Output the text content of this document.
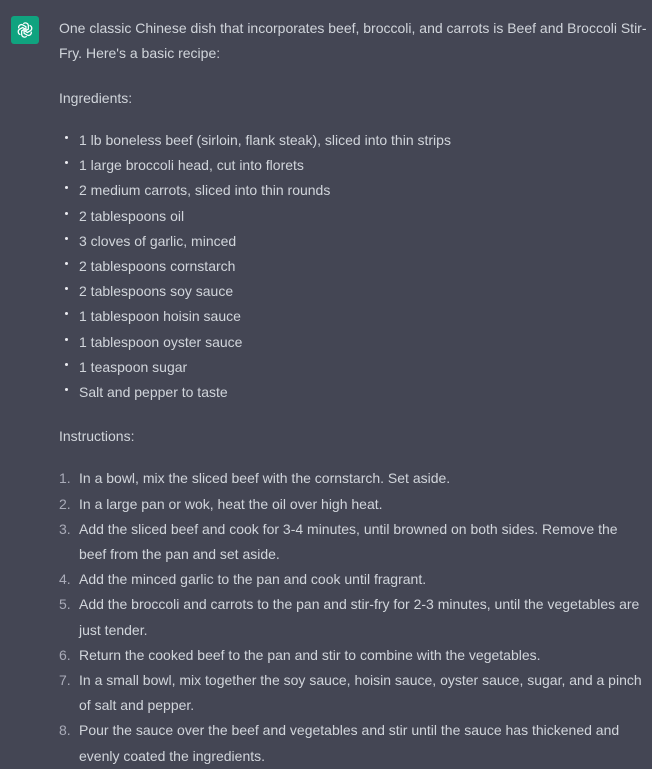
One classic Chinese dish that incorporates beef, broccoli, and carrots is Beef and Broccoli Stir-Fry. Here's a basic recipe:

Ingredients:

1 lb boneless beef (sirloin, flank steak), sliced into thin strips
1 large broccoli head, cut into florets
2 medium carrots, sliced into thin rounds
2 tablespoons oil
3 cloves of garlic, minced
2 tablespoons cornstarch
2 tablespoons soy sauce
1 tablespoon hoisin sauce
1 tablespoon oyster sauce
1 teaspoon sugar
Salt and pepper to taste

Instructions:

1. In a bowl, mix the sliced beef with the cornstarch. Set aside.
2. In a large pan or wok, heat the oil over high heat.
3. Add the sliced beef and cook for 3-4 minutes, until browned on both sides. Remove the beef from the pan and set aside.
4. Add the minced garlic to the pan and cook until fragrant.
5. Add the broccoli and carrots to the pan and stir-fry for 2-3 minutes, until the vegetables are just tender.
6. Return the cooked beef to the pan and stir to combine with the vegetables.
7. In a small bowl, mix together the soy sauce, hoisin sauce, oyster sauce, sugar, and a pinch of salt and pepper.
8. Pour the sauce over the beef and vegetables and stir until the sauce has thickened and evenly coated the ingredients.
